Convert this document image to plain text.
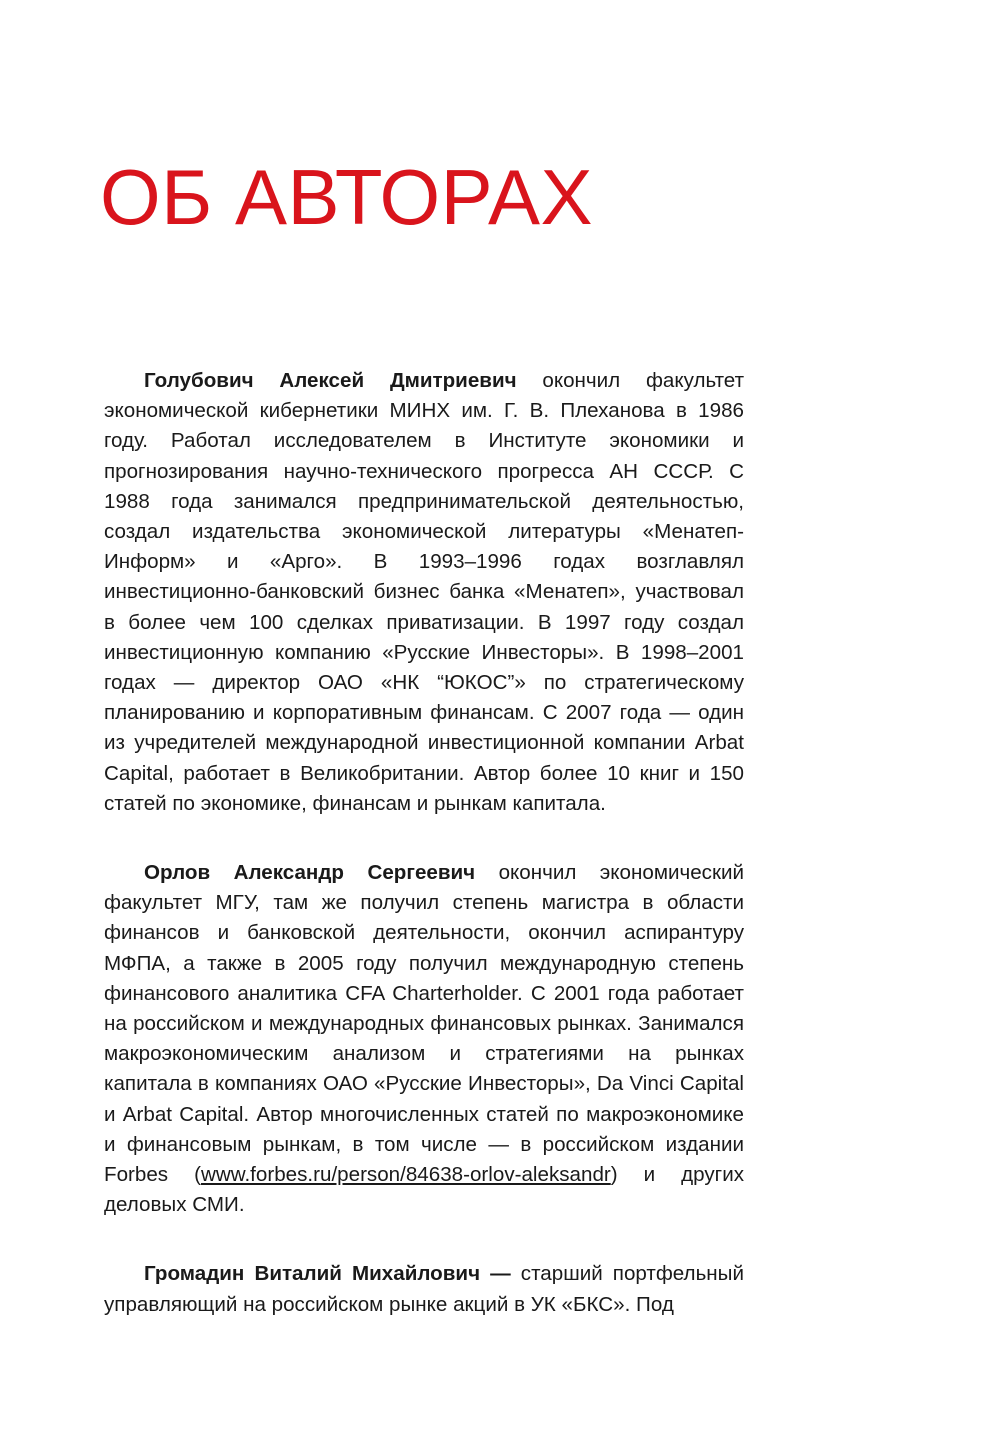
ОБ АВТОРАХ

Голубович Алексей Дмитриевич окончил факультет экономической кибернетики МИНХ им. Г. В. Плеханова в 1986 году. Работал исследователем в Институте экономики и прогнозирования научно-технического прогресса АН СССР. С 1988 года занимался предпринимательской деятельностью, создал издательства экономической литературы «Менатеп-Информ» и «Арго». В 1993–1996 годах возглавлял инвестиционно-банковский бизнес банка «Менатеп», участвовал в более чем 100 сделках приватизации. В 1997 году создал инвестиционную компанию «Русские Инвесторы». В 1998–2001 годах — директор ОАО «НК “ЮКОС”» по стратегическому планированию и корпоративным финансам. С 2007 года — один из учредителей международной инвестиционной компании Arbat Capital, работает в Великобритании. Автор более 10 книг и 150 статей по экономике, финансам и рынкам капитала.

Орлов Александр Сергеевич окончил экономический факультет МГУ, там же получил степень магистра в области финансов и банковской деятельности, окончил аспирантуру МФПА, а также в 2005 году получил международную степень финансового аналитика CFA Charterholder. С 2001 года работает на российском и международных финансовых рынках. Занимался макроэкономическим анализом и стратегиями на рынках капитала в компаниях ОАО «Русские Инвесторы», Da Vinci Capital и Arbat Capital. Автор многочисленных статей по макроэкономике и финансовым рынкам, в том числе — в российском издании Forbes (www.forbes.ru/person/​84638-orlov-aleksandr) и других деловых СМИ.

Громадин Виталий Михайлович — старший портфельный управляющий на российском рынке акций в УК «БКС». Под
